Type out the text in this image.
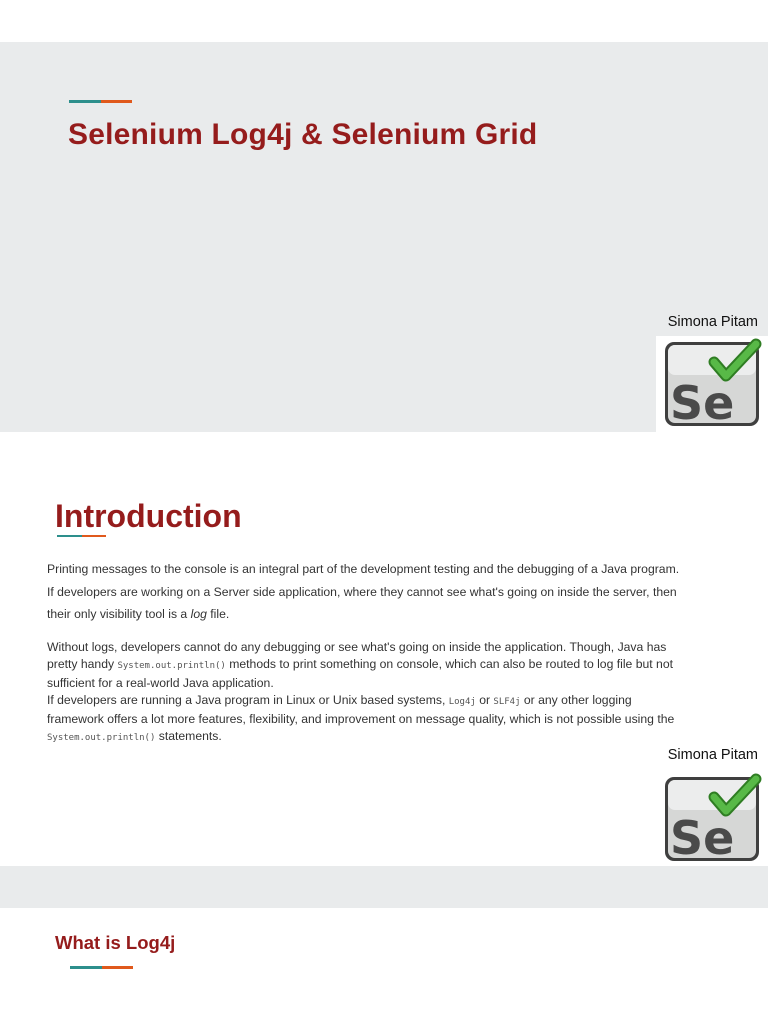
Selenium Log4j & Selenium Grid
Simona Pitam
Se
Introduction
Printing messages to the console is an integral part of the development testing and the debugging of a Java program. If developers are working on a Server side application, where they cannot see what's going on inside the server, then their only visibility tool is a log file.
Without logs, developers cannot do any debugging or see what's going on inside the application. Though, Java has pretty handy System.out.println() methods to print something on console, which can also be routed to log file but not sufficient for a real-world Java application.
If developers are running a Java program in Linux or Unix based systems, Log4j or SLF4j or any other logging framework offers a lot more features, flexibility, and improvement on message quality, which is not possible using the System.out.println() statements.
Simona Pitam
Se
What is Log4j
